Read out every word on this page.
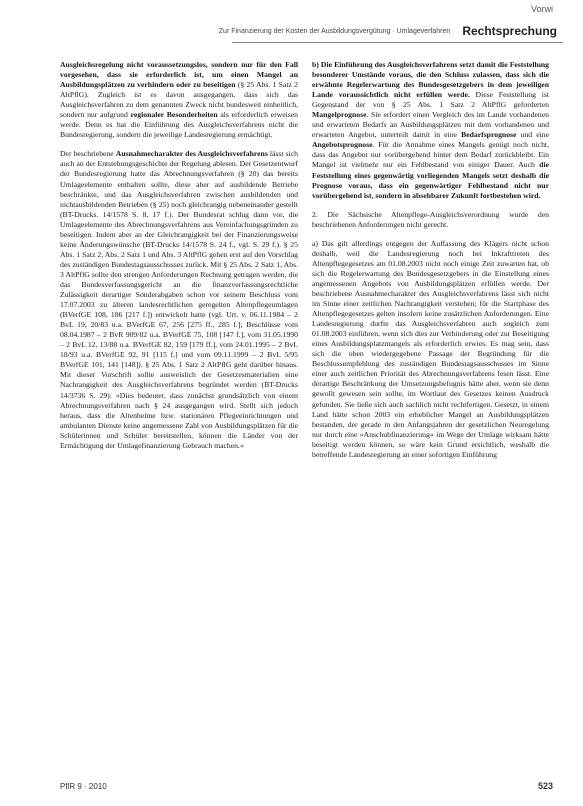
Vorwi
Zur Finanzierung der Kosten der Ausbildungsvergütung · Umlageverfahren Rechtsprechung

Ausgleichsregelung nicht voraussetzungslos, sondern nur für den Fall vorgesehen, dass sie erforderlich ist, um einen Mangel an Ausbildungsplätzen zu verhindern oder zu beseitigen (§ 25 Abs. 1 Satz 2 AltPflG). Zugleich ist es davon ausgegangen, dass sich das Ausgleichsverfahren zu dem genannten Zweck nicht bundesweit einheitlich, sondern nur aufgrund regionaler Besonderheiten als erforderlich erweisen werde. Denn es hat die Einführung des Ausgleichsverfahrens nicht die Bundesregierung, sondern die jeweilige Landesregierung ermächtigt.

Der beschriebene Ausnahmecharakter des Ausgleichsverfahrens lässt sich auch an der Entstehungsgeschichte der Regelung ablesen. Der Gesetzentwurf der Bundesregierung hatte das Abrechnungsverfahren (§ 20) das bereits Umlageelemente enthalten sollte, diese aber auf ausbildende Betriebe beschränkte, und das Ausgleichsverfahren zwischen ausbildenden und nichtausbildenden Betrieben (§ 25) noch gleichrangig nebeneinander gestellt (BT-Drucks. 14/1578 S. 8, 17 f.). Der Bundesrat schlug dann vor, die Umlageelemente des Abrechnungsverfahrens aus Vereinfachungsgründen zu beseitigen. Indem aber an der Gleichrangigkeit bei der Finanzierungsweise keine Änderungswünsche (BT-Drucks 14/1578 S. 24 f., vgl. S. 29 f.). § 25 Abs. 1 Satz 2, Abs. 2 Satz 1 und Abs. 3 AltPflG gehen erst auf den Vorschlag des zuständigen Bundestagsausschusses zurück. Mit § 25 Abs. 2 Satz 1, Abs. 3 AltPflG sollte den strengen Anforderungen Rechnung getragen werden, die das Bundesverfassungsgericht an die finanzverfassungsrechtliche Zulässigkeit derartiger Sonderabgaben schon vor seinem Beschluss vom 17.07.2003 zu älteren landesrechtlichen geregelten Altenpflegeumlagen (BVerfGE 108, 186 [217 f.]) entwickelt hatte (vgl. Urt. v. 06.11.1984 – 2 BvL 19, 20/83 u.a. BVerfGE 67, 256 [275 ff., 285 f.]; Beschlüsse vom 08.04.1987 – 2 BvR 909/82 u.a. BVerfGE 75, 108 [147 f.], vom 31.05.1990 – 2 BvL 12, 13/88 u.a. BVerfGE 82, 159 [179 ff.], vom 24.01.1995 – 2 BvL 18/93 u.a. BVerfGE 92, 91 [115 f.] und vom 09.11.1999 – 2 BvL 5/95 BVerfGE 101, 141 [148]). § 25 Abs. 1 Satz 2 AltPflG geht darüber hinaus. Mit dieser Vorschrift sollte ausweislich der Gesetzesmaterialien eine Nachrangigkeit des Ausgleichsverfahrens begründet werden (BT-Drucks 14/3736 S. 29): »Dies bedeutet, dass zunächst grundsätzlich von einem Abrechnungsverfahren nach § 24 ausgegangen wird. Stellt sich jedoch heraus, dass die Altenheime bzw. stationären Pflegeeinrichtungen und ambulanten Dienste keine angemessene Zahl von Ausbildungsplätzen für die Schülerinnen und Schüler bereitstellen, können die Länder von der Ermächtigung der Umlagefinanzierung Gebrauch machen.«

b) Die Einführung des Ausgleichsverfahrens setzt damit die Feststellung besonderer Umstände voraus, die den Schluss zulassen, dass sich die erwähnte Regelerwartung des Bundesgesetzgebers in dem jeweiligen Lande voraussichtlich nicht erfüllen werde. Diese Feststellung ist Gegenstand der von § 25 Abs. 1 Satz 2 AltPflG geforderten Mangelprognose. Sie erfordert einen Vergleich des im Lande vorhandenen und erwarteten Bedarfs an Ausbildungsplätzen mit dem vorhandenen und erwarteten Angebot, unterteilt damit in eine Bedarfsprognose und eine Angebotsprognose. Für die Annahme eines Mangels genügt noch nicht, dass das Angebot nur vorübergehend hinter dem Bedarf zurückbleibt. Ein Mangel ist vielmehr nur ein Fehlbestand von einiger Dauer. Auch die Feststellung eines gegenwärtig vorliegenden Mangels setzt deshalb die Prognose voraus, dass ein gegenwärtiger Fehlbestand nicht nur vorübergehend ist, sondern in absehbarer Zukunft fortbestehen wird.

2. Die Sächsische Altenpflege-Ausgleichsverordnung wurde den beschriebenen Anforderungen nicht gerecht.

a) Das gilt allerdings entgegen der Auffassung des Klägers nicht schon deshalb, weil die Landesregierung noch bei Inkrafttreten des Altenpflegegesetzes am 01.08.2003 nicht noch einige Zeit zuwarten hat, ob sich die Regelerwartung des Bundesgesetzgebers in die Einstellung eines angemessenen Angebots von Ausbildungsplätzen erfüllen werde. Der beschriebene Ausnahmecharakter des Ausgleichsverfahrens lässt sich nicht im Sinne einer zeitlichen Nachrangigkeit verstehen; für die Startphase des Altenpflegegesetzes gelten insofern keine zusätzlichen Anforderungen. Eine Landesregierung durfte das Ausgleichsverfahren auch sogleich zum 01.08.2003 einführen, wenn sich dies zur Verhinderung oder zur Beseitigung eines Ausbildungsplatzmangels als erforderlich erwies. Es mag sein, dass sich die oben wiedergegebene Passage der Begründung für die Beschlussempfehlung des zuständigen Bundestagsausschusses im Sinne einer auch zeitlichen Priorität des Abrechnungsverfahrens lesen lässt. Eine derartige Beschränkung der Umsetzungsbefugnis hätte aber, wenn sie denn gewollt gewesen sein sollte, im Wortlaut des Gesetzes keinen Ausdruck gefunden. Sie ließe sich auch sachlich nicht rechtfertigen. Gesetzt, in einem Land hätte schon 2003 ein erheblicher Mangel an Ausbildungsplätzen bestanden, der gerade in den Anfangsjahren der gesetzlichen Neuregelung nur durch eine »Anschubfinanzierung« im Wege der Umlage wirksam hätte beseitigt werden können, so wäre kein Grund ersichtlich, weshalb die betreffende Landesregierung an einer sofortigen Einführung

PflR 9 · 2010	523
